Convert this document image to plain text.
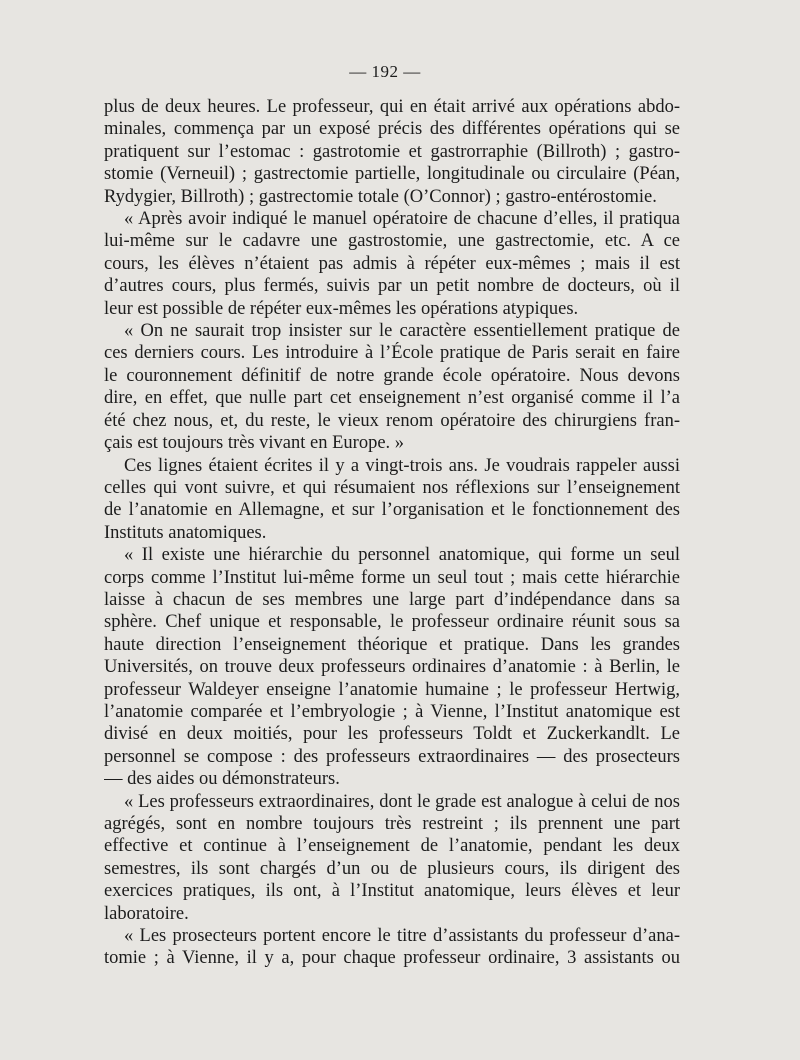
— 192 —

plus de deux heures. Le professeur, qui en était arrivé aux opérations abdo-
minales, commença par un exposé précis des différentes opérations qui se
pratiquent sur l’estomac : gastrotomie et gastrorraphie (Billroth) ; gastro-
stomie (Verneuil) ; gastrectomie partielle, longitudinale ou circulaire (Péan,
Rydygier, Billroth) ; gastrectomie totale (O’Connor) ; gastro-entérostomie.

« Après avoir indiqué le manuel opératoire de chacune d’elles, il pratiqua
lui-même sur le cadavre une gastrostomie, une gastrectomie, etc. A ce
cours, les élèves n’étaient pas admis à répéter eux-mêmes ; mais il est
d’autres cours, plus fermés, suivis par un petit nombre de docteurs, où il
leur est possible de répéter eux-mêmes les opérations atypiques.

« On ne saurait trop insister sur le caractère essentiellement pratique de
ces derniers cours. Les introduire à l’École pratique de Paris serait en faire
le couronnement définitif de notre grande école opératoire. Nous devons
dire, en effet, que nulle part cet enseignement n’est organisé comme il l’a
été chez nous, et, du reste, le vieux renom opératoire des chirurgiens fran-
çais est toujours très vivant en Europe. »

Ces lignes étaient écrites il y a vingt-trois ans. Je voudrais rappeler aussi
celles qui vont suivre, et qui résumaient nos réflexions sur l’enseignement
de l’anatomie en Allemagne, et sur l’organisation et le fonctionnement des
Instituts anatomiques.

« Il existe une hiérarchie du personnel anatomique, qui forme un seul
corps comme l’Institut lui-même forme un seul tout ; mais cette hiérarchie
laisse à chacun de ses membres une large part d’indépendance dans sa
sphère. Chef unique et responsable, le professeur ordinaire réunit sous sa
haute direction l’enseignement théorique et pratique. Dans les grandes
Universités, on trouve deux professeurs ordinaires d’anatomie : à Berlin, le
professeur Waldeyer enseigne l’anatomie humaine ; le professeur Hertwig,
l’anatomie comparée et l’embryologie ; à Vienne, l’Institut anatomique est
divisé en deux moitiés, pour les professeurs Toldt et Zuckerkandlt. Le
personnel se compose : des professeurs extraordinaires — des prosecteurs
— des aides ou démonstrateurs.

« Les professeurs extraordinaires, dont le grade est analogue à celui de nos
agrégés, sont en nombre toujours très restreint ; ils prennent une part
effective et continue à l’enseignement de l’anatomie, pendant les deux
semestres, ils sont chargés d’un ou de plusieurs cours, ils dirigent des
exercices pratiques, ils ont, à l’Institut anatomique, leurs élèves et leur
laboratoire.

« Les prosecteurs portent encore le titre d’assistants du professeur d’ana-
tomie ; à Vienne, il y a, pour chaque professeur ordinaire, 3 assistants ou
